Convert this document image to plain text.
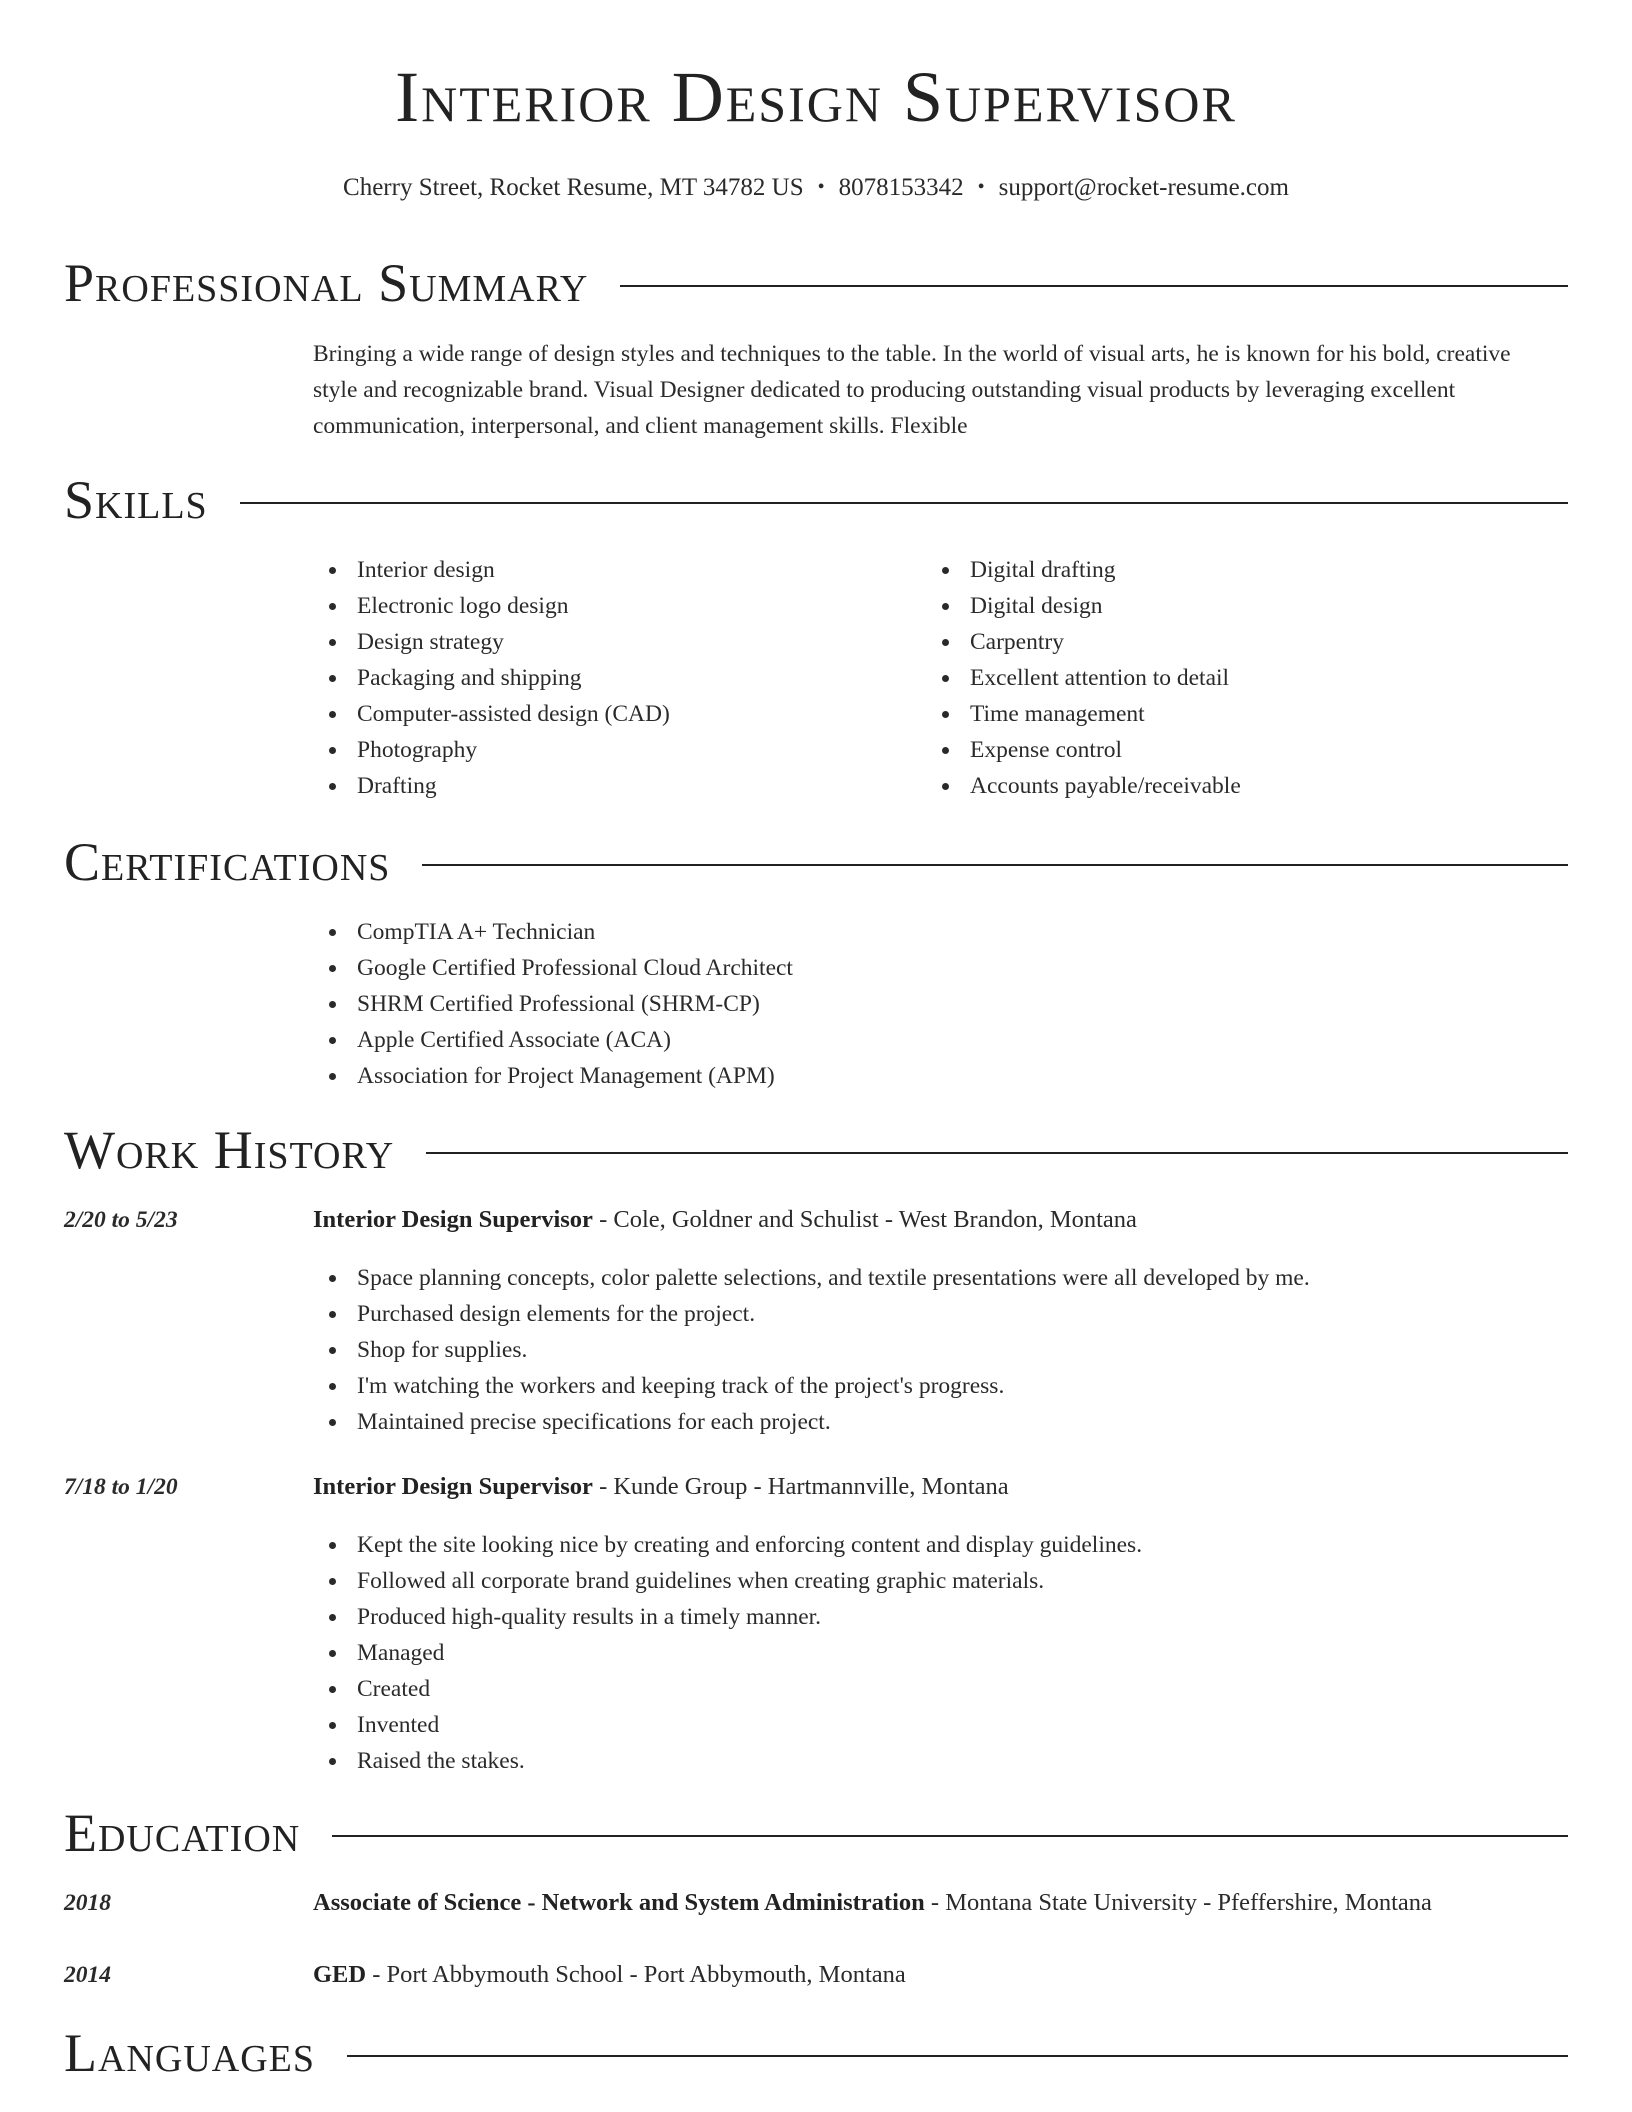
Interior Design Supervisor
Cherry Street, Rocket Resume, MT 34782 US • 8078153342 • support@rocket-resume.com
Professional Summary
Bringing a wide range of design styles and techniques to the table. In the world of visual arts, he is known for his bold, creative style and recognizable brand. Visual Designer dedicated to producing outstanding visual products by leveraging excellent communication, interpersonal, and client management skills. Flexible
Skills
Interior design
Electronic logo design
Design strategy
Packaging and shipping
Computer-assisted design (CAD)
Photography
Drafting
Digital drafting
Digital design
Carpentry
Excellent attention to detail
Time management
Expense control
Accounts payable/receivable
Certifications
CompTIA A+ Technician
Google Certified Professional Cloud Architect
SHRM Certified Professional (SHRM-CP)
Apple Certified Associate (ACA)
Association for Project Management (APM)
Work History
2/20 to 5/23	Interior Design Supervisor - Cole, Goldner and Schulist - West Brandon, Montana
Space planning concepts, color palette selections, and textile presentations were all developed by me.
Purchased design elements for the project.
Shop for supplies.
I'm watching the workers and keeping track of the project's progress.
Maintained precise specifications for each project.
7/18 to 1/20	Interior Design Supervisor - Kunde Group - Hartmannville, Montana
Kept the site looking nice by creating and enforcing content and display guidelines.
Followed all corporate brand guidelines when creating graphic materials.
Produced high-quality results in a timely manner.
Managed
Created
Invented
Raised the stakes.
Education
2018	Associate of Science - Network and System Administration - Montana State University - Pfeffershire, Montana
2014	GED - Port Abbymouth School - Port Abbymouth, Montana
Languages
